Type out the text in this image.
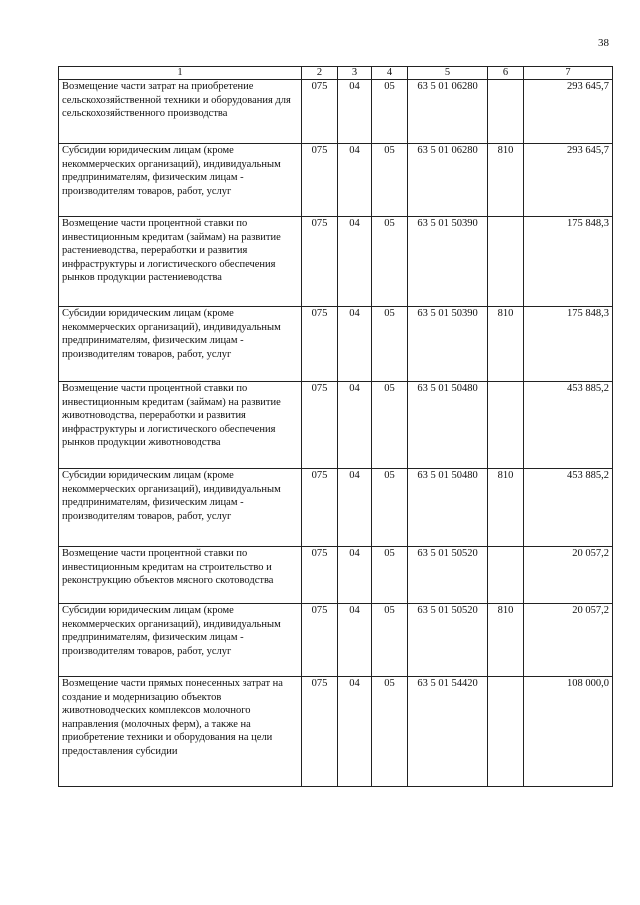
38
1	2	3	4	5	6	7
Возмещение части затрат на приобретение сельскохозяйственной техники и оборудования для сельскохозяйственного производства	075	04	05	63 5 01 06280		293 645,7
Субсидии юридическим лицам (кроме некоммерческих организаций), индивидуальным предпринимателям, физическим лицам - производителям товаров, работ, услуг	075	04	05	63 5 01 06280	810	293 645,7
Возмещение части процентной ставки по инвестиционным кредитам (займам) на развитие растениеводства, переработки и развития инфраструктуры и логистического обеспечения рынков продукции растениеводства	075	04	05	63 5 01 50390		175 848,3
Субсидии юридическим лицам (кроме некоммерческих организаций), индивидуальным предпринимателям, физическим лицам - производителям товаров, работ, услуг	075	04	05	63 5 01 50390	810	175 848,3
Возмещение части процентной ставки по инвестиционным кредитам (займам) на развитие животноводства, переработки и развития инфраструктуры и логистического обеспечения рынков продукции животноводства	075	04	05	63 5 01 50480		453 885,2
Субсидии юридическим лицам (кроме некоммерческих организаций), индивидуальным предпринимателям, физическим лицам - производителям товаров, работ, услуг	075	04	05	63 5 01 50480	810	453 885,2
Возмещение части процентной ставки по инвестиционным кредитам на строительство и реконструкцию объектов мясного скотоводства	075	04	05	63 5 01 50520		20 057,2
Субсидии юридическим лицам (кроме некоммерческих организаций), индивидуальным предпринимателям, физическим лицам - производителям товаров, работ, услуг	075	04	05	63 5 01 50520	810	20 057,2
Возмещение части прямых понесенных затрат на создание и модернизацию объектов животноводческих комплексов молочного направления (молочных ферм), а также на приобретение техники и оборудования на цели предоставления субсидии	075	04	05	63 5 01 54420		108 000,0
